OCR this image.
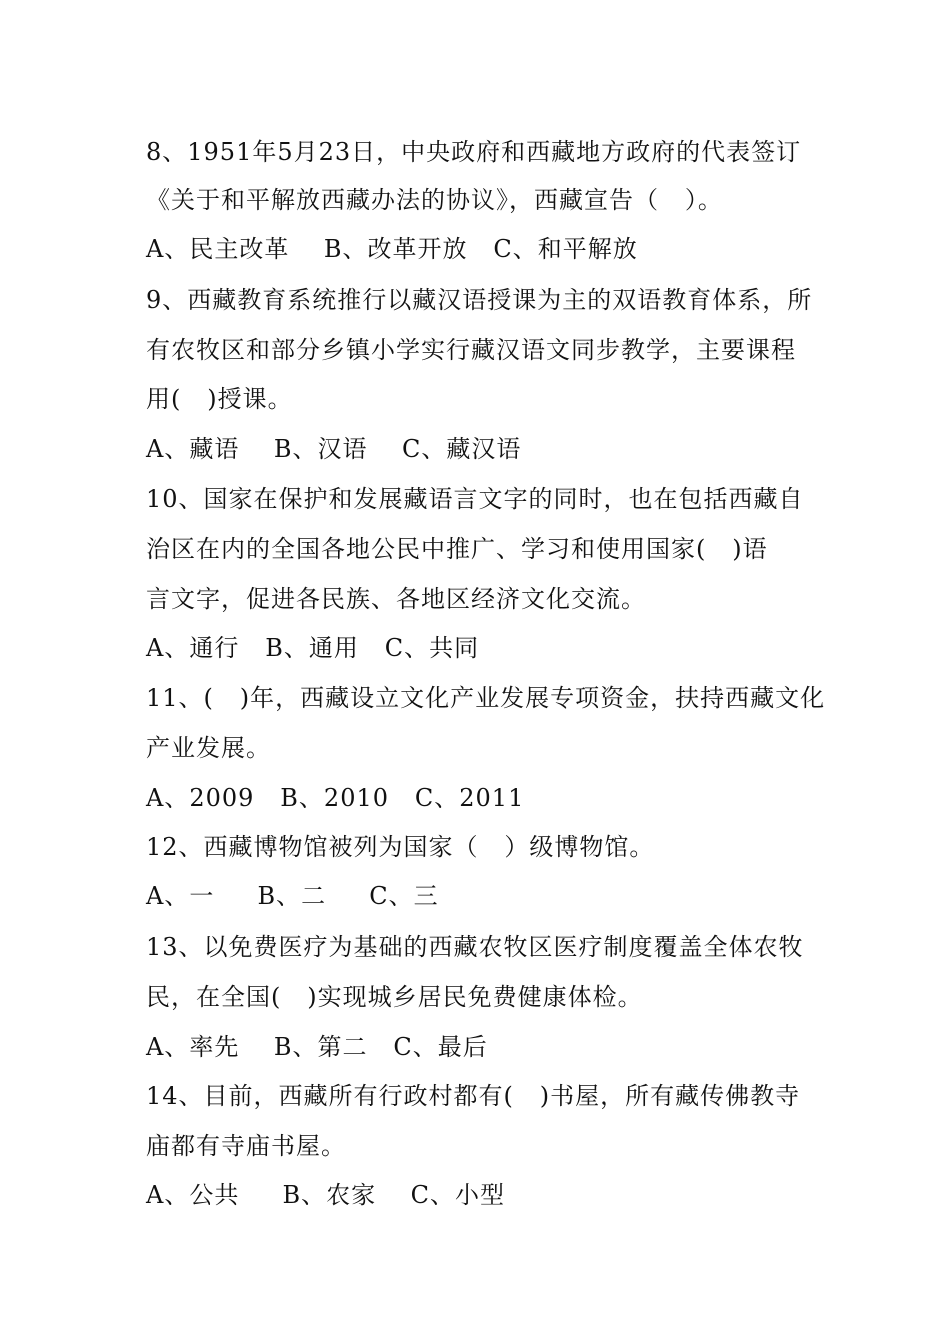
8、1951年5月23日，中央政府和西藏地方政府的代表签订
《关于和平解放西藏办法的协议》，西藏宣告（   ）。
A、民主改革    B、改革开放   C、和平解放
9、西藏教育系统推行以藏汉语授课为主的双语教育体系，所
有农牧区和部分乡镇小学实行藏汉语文同步教学，主要课程
用(   )授课。
A、藏语    B、汉语    C、藏汉语
10、国家在保护和发展藏语言文字的同时，也在包括西藏自
治区在内的全国各地公民中推广、学习和使用国家(   )语
言文字，促进各民族、各地区经济文化交流。
A、通行   B、通用   C、共同
11、(   )年，西藏设立文化产业发展专项资金，扶持西藏文化
产业发展。
A、2009   B、2010   C、2011
12、西藏博物馆被列为国家（   ）级博物馆。
A、一     B、二     C、三
13、以免费医疗为基础的西藏农牧区医疗制度覆盖全体农牧
民，在全国(   )实现城乡居民免费健康体检。
A、率先    B、第二   C、最后
14、目前，西藏所有行政村都有(   )书屋，所有藏传佛教寺
庙都有寺庙书屋。
A、公共     B、农家    C、小型
